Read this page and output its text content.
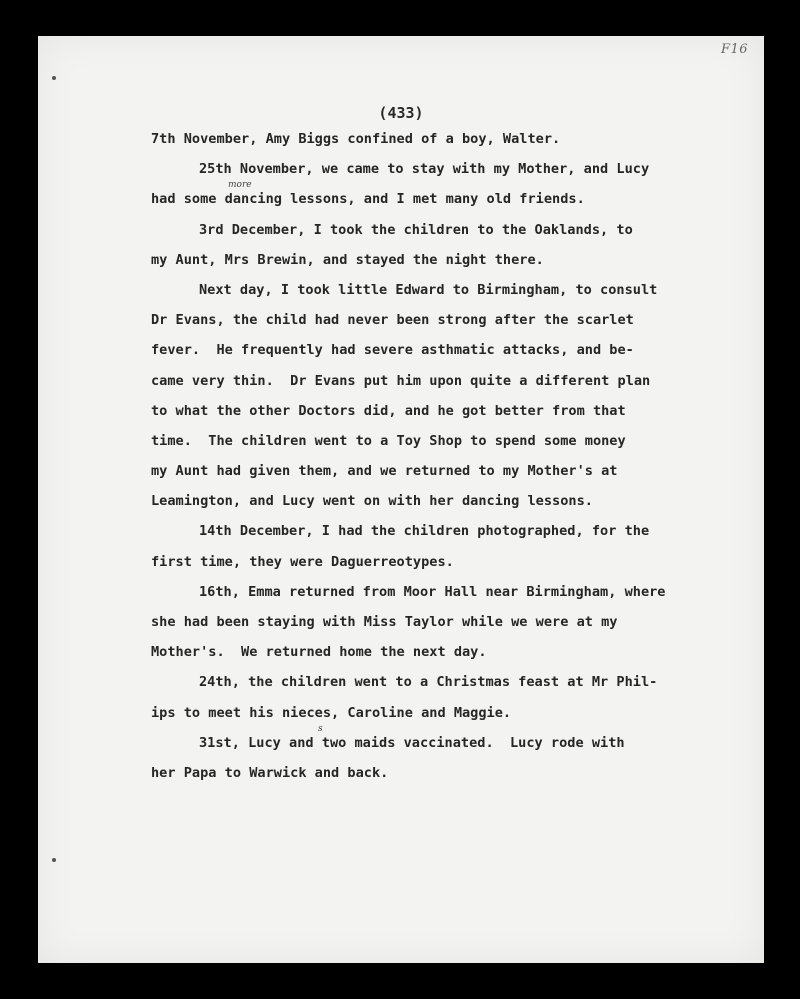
F16
(433)
7th November, Amy Biggs confined of a boy, Walter.
25th November, we came to stay with my Mother, and Lucy
had some dancing lessons, and I met many old friends.
3rd December, I took the children to the Oaklands, to
my Aunt, Mrs Brewin, and stayed the night there.
Next day, I took little Edward to Birmingham, to consult
Dr Evans, the child had never been strong after the scarlet
fever.  He frequently had severe asthmatic attacks, and be-
came very thin.  Dr Evans put him upon quite a different plan
to what the other Doctors did, and he got better from that
time.  The children went to a Toy Shop to spend some money
my Aunt had given them, and we returned to my Mother's at
Leamington, and Lucy went on with her dancing lessons.
14th December, I had the children photographed, for the
first time, they were Daguerreotypes.
16th, Emma returned from Moor Hall near Birmingham, where
she had been staying with Miss Taylor while we were at my
Mother's.  We returned home the next day.
24th, the children went to a Christmas feast at Mr Phil-
ips to meet his nieces, Caroline and Maggie.
31st, Lucy and two maids vaccinated.  Lucy rode with
her Papa to Warwick and back.
more
s
